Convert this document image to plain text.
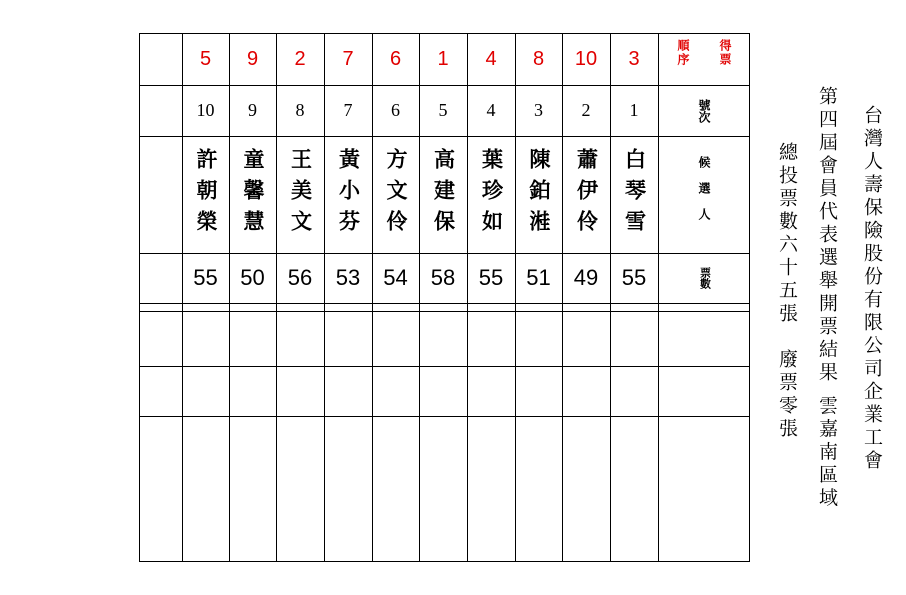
順序 得票
號次
候選人
票數
3
1
白琴雪
55
10
2
蕭伊伶
49
8
3
陳鉑溎
51
4
4
葉珍如
55
1
5
高建保
58
6
6
方文伶
54
7
7
黃小芬
53
2
8
王美文
56
9
9
童馨慧
50
5
10
許朝榮
55	台灣人壽保險股份有限公司企業工會
第四屆會員代表選舉開票結果 雲嘉南區域
總投票數六十五張　廢票零張
